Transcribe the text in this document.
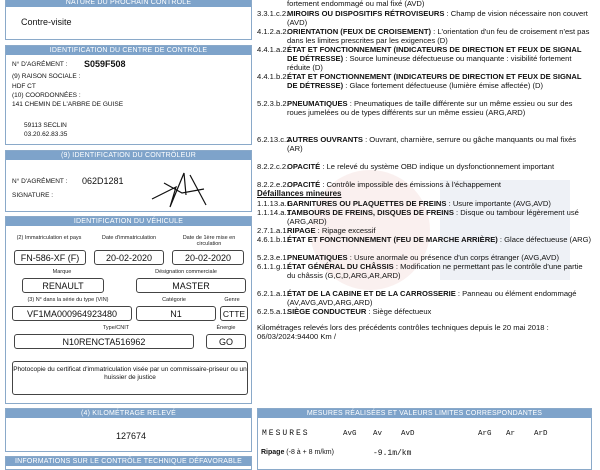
NATURE DU PROCHAIN CONTRÔLE
Contre-visite
IDENTIFICATION DU CENTRE DE CONTRÔLE
N° D'AGRÉMENT : S059F508
(9) RAISON SOCIALE :
HDF CT
(10) COORDONNÉES :
141 CHEMIN DE L'ARBRE DE GUISE
59113 SECLIN
03.20.62.83.35
(9) IDENTIFICATION DU CONTRÔLEUR
N° D'AGRÉMENT : 062D1281
SIGNATURE :
IDENTIFICATION DU VÉHICULE
(2) Immatriculation et pays	Date d'immatriculation	Date de 1ère mise en circulation
FN-586-XF (F)	20-02-2020	20-02-2020
Marque	Désignation commerciale
RENAULT	MASTER
(3) N° dans la série du type (VIN)	Catégorie	Genre
VF1MA000964923480	N1	CTTE
Type/CNIT	Énergie
N10RENCTA516962	GO
Photocopie du certificat d'immatriculation visée par un commissaire-priseur ou un huissier de justice
(4) KILOMÉTRAGE RELEVÉ
127674
INFORMATIONS SUR LE CONTRÔLE TECHNIQUE DÉFAVORABLE
fortement endommagé ou mal fixé (AVD)
3.3.1.c.2.
MIROIRS OU DISPOSITIFS RÉTROVISEURS : Champ de vision nécessaire non couvert (AVD)
4.1.2.a.2.
ORIENTATION (FEUX DE CROISEMENT) : L'orientation d'un feu de croisement n'est pas dans les limites prescrites par les exigences (D)
4.4.1.a.2.
ÉTAT ET FONCTIONNEMENT (INDICATEURS DE DIRECTION ET FEUX DE SIGNAL DE DÉTRESSE) : Source lumineuse défectueuse ou manquante : visibilité fortement réduite (D)
4.4.1.b.2.
ÉTAT ET FONCTIONNEMENT (INDICATEURS DE DIRECTION ET FEUX DE SIGNAL DE DÉTRESSE) : Glace fortement défectueuse (lumière émise affectée) (D)
5.2.3.b.2.
PNEUMATIQUES : Pneumatiques de taille différente sur un même essieu ou sur des roues jumelées ou de types différents sur un même essieu (ARG,ARD)
6.2.13.c.2.
AUTRES OUVRANTS : Ouvrant, charnière, serrure ou gâche manquants ou mal fixés (AR)
8.2.2.c.2.
OPACITÉ : Le relevé du système OBD indique un dysfonctionnement important
8.2.2.e.2.
OPACITÉ : Contrôle impossible des émissions à l'échappement
Défaillances mineures
1.1.13.a.1.
GARNITURES OU PLAQUETTES DE FREINS : Usure importante (AVG,AVD)
1.1.14.a.1.
TAMBOURS DE FREINS, DISQUES DE FREINS : Disque ou tambour légèrement usé (ARG,ARD)
2.7.1.a.1.
RIPAGE : Ripage excessif
4.6.1.b.1.
ÉTAT ET FONCTIONNEMENT (FEU DE MARCHE ARRIÈRE) : Glace défectueuse (ARG)
5.2.3.e.1.
PNEUMATIQUES : Usure anormale ou présence d'un corps étranger (AVG,AVD)
6.1.1.g.1.
ÉTAT GÉNÉRAL DU CHÂSSIS : Modification ne permettant pas le contrôle d'une partie du châssis (G,C,D,ARG,AR,ARD)
6.2.1.a.1.
ÉTAT DE LA CABINE ET DE LA CARROSSERIE : Panneau ou élément endommagé (AV,AVG,AVD,ARG,ARD)
6.2.5.a.1.
SIÈGE CONDUCTEUR : Siège défectueux
Kilométrages relevés lors des précédents contrôles techniques depuis le 20 mai 2018 : 06/03/2024:94400 Km /
MESURES RÉALISÉES ET VALEURS LIMITES CORRESPONDANTES
MESURES	AvG Av	AvD	ArG Ar	ArD
Ripage (-8 à + 8 m/km)	-9.1m/km
